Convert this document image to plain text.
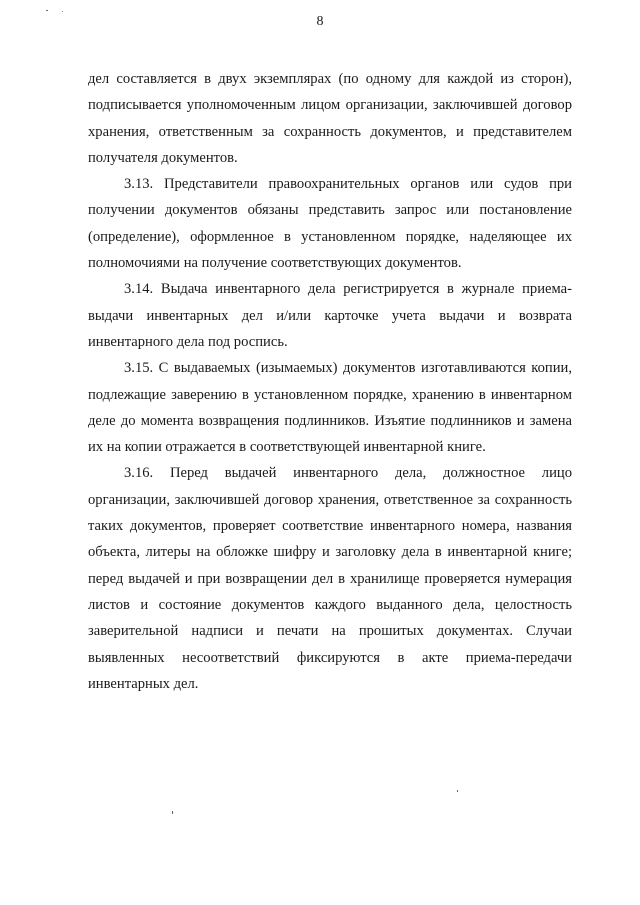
8

дел составляется в двух экземплярах (по одному для каждой из сторон), подписывается уполномоченным лицом организации, заключившей договор хранения, ответственным за сохранность документов, и представителем получателя документов.

3.13. Представители правоохранительных органов или судов при получении документов обязаны представить запрос или постановление (определение), оформленное в установленном порядке, наделяющее их полномочиями на получение соответствующих документов.

3.14. Выдача инвентарного дела регистрируется в журнале приема-выдачи инвентарных дел и/или карточке учета выдачи и возврата инвентарного дела под роспись.

3.15. С выдаваемых (изымаемых) документов изготавливаются копии, подлежащие заверению в установленном порядке, хранению в инвентарном деле до момента возвращения подлинников. Изъятие подлинников и замена их на копии отражается в соответствующей инвентарной книге.

3.16. Перед выдачей инвентарного дела, должностное лицо организации, заключившей договор хранения, ответственное за сохранность таких документов, проверяет соответствие инвентарного номера, названия объекта, литеры на обложке шифру и заголовку дела в инвентарной книге; перед выдачей и при возвращении дел в хранилище проверяется нумерация листов и состояние документов каждого выданного дела, целостность заверительной надписи и печати на прошитых документах. Случаи выявленных несоответствий фиксируются в акте приема-передачи инвентарных дел.
